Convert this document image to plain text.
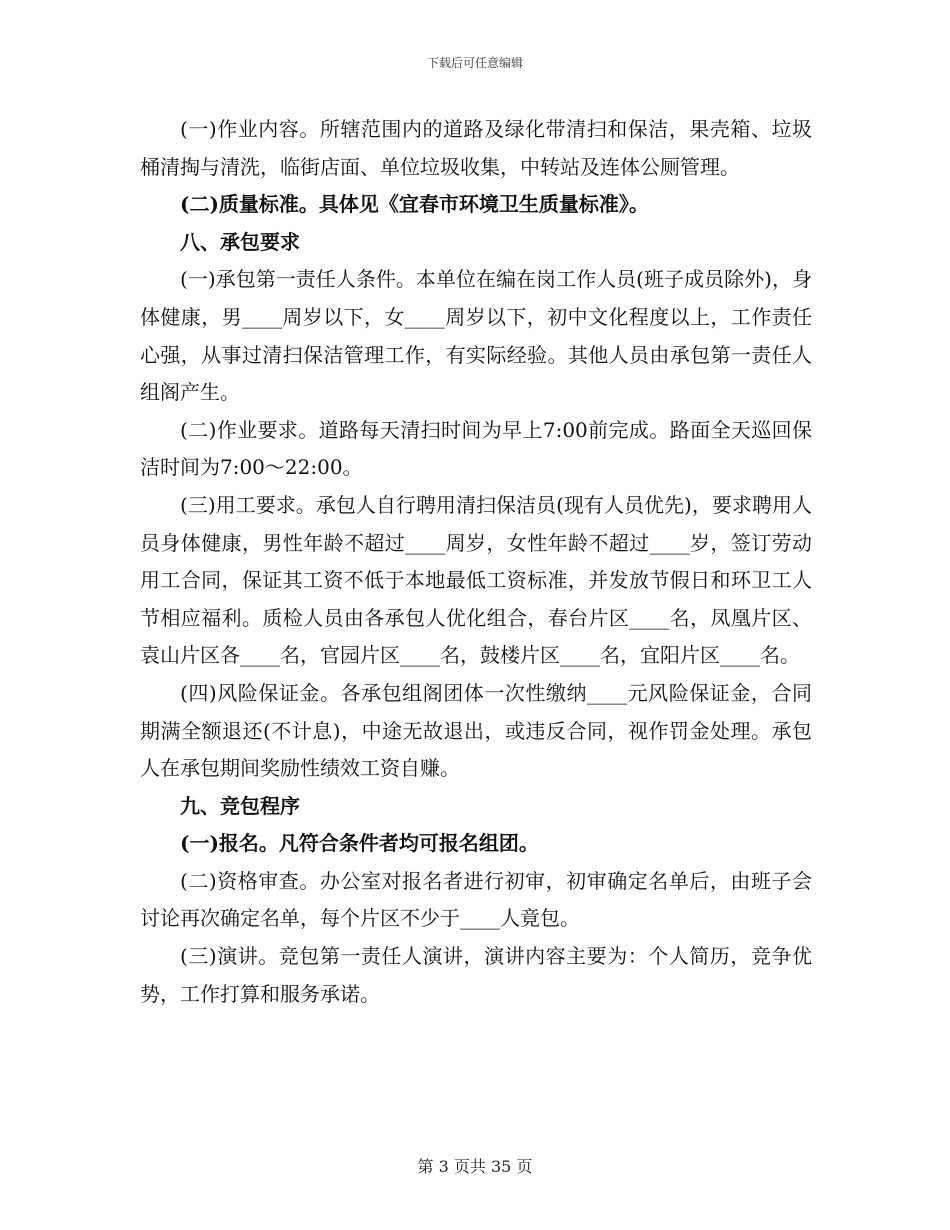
下载后可任意编辑

(一)作业内容。所辖范围内的道路及绿化带清扫和保洁，果壳箱、垃圾桶清掏与清洗，临街店面、单位垃圾收集，中转站及连体公厕管理。

(二)质量标准。具体见《宜春市环境卫生质量标准》。

八、承包要求

(一)承包第一责任人条件。本单位在编在岗工作人员(班子成员除外)，身体健康，男____周岁以下，女____周岁以下，初中文化程度以上，工作责任心强，从事过清扫保洁管理工作，有实际经验。其他人员由承包第一责任人组阁产生。

(二)作业要求。道路每天清扫时间为早上7:00前完成。路面全天巡回保洁时间为7:00～22:00。

(三)用工要求。承包人自行聘用清扫保洁员(现有人员优先)，要求聘用人员身体健康，男性年龄不超过____周岁，女性年龄不超过____岁，签订劳动用工合同，保证其工资不低于本地最低工资标准，并发放节假日和环卫工人节相应福利。质检人员由各承包人优化组合，春台片区____名，凤凰片区、袁山片区各____名，官园片区____名，鼓楼片区____名，宜阳片区____名。

(四)风险保证金。各承包组阁团体一次性缴纳____元风险保证金，合同期满全额退还(不计息)，中途无故退出，或违反合同，视作罚金处理。承包人在承包期间奖励性绩效工资自赚。

九、竞包程序

(一)报名。凡符合条件者均可报名组团。

(二)资格审查。办公室对报名者进行初审，初审确定名单后，由班子会讨论再次确定名单，每个片区不少于____人竟包。

(三)演讲。竞包第一责任人演讲，演讲内容主要为：个人简历，竞争优势，工作打算和服务承诺。

第 3 页共 35 页
